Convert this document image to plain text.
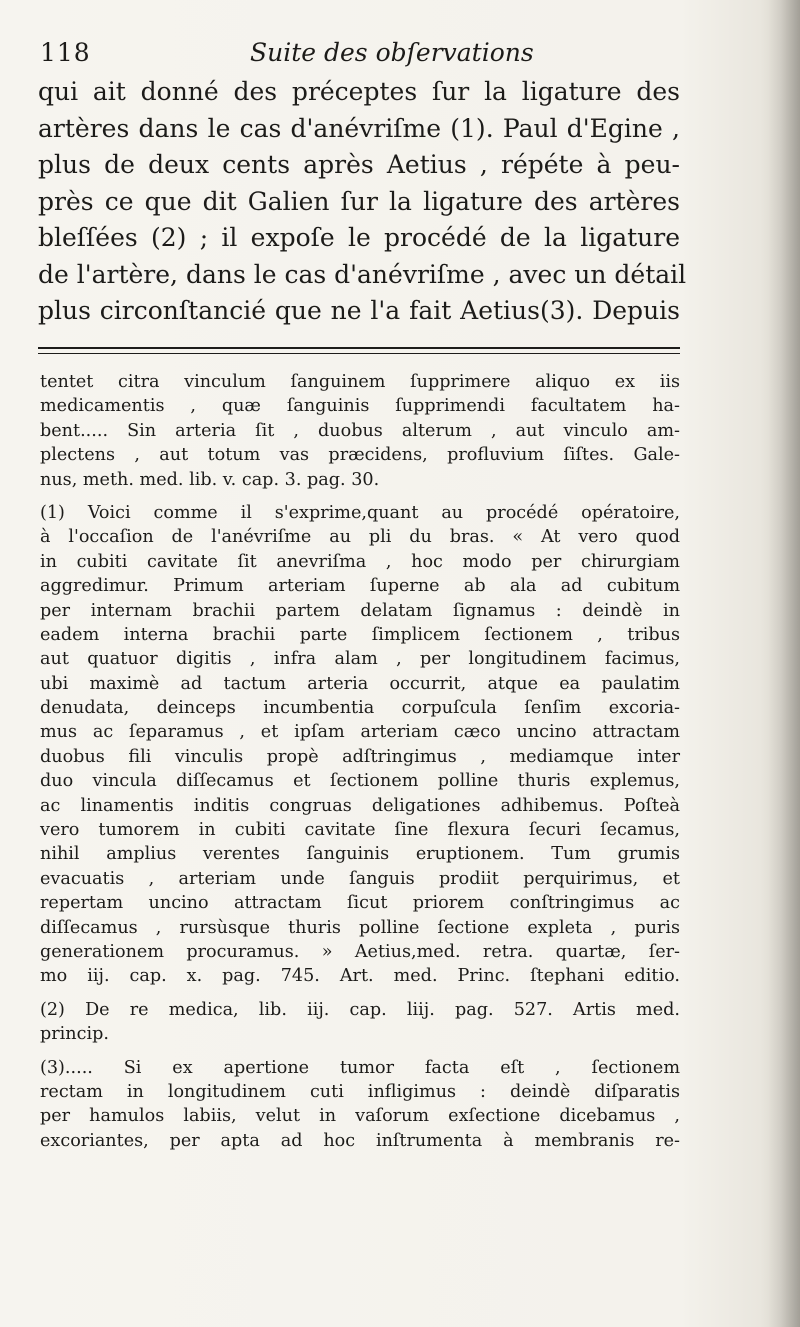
118	Suite des obſervations
qui ait donné des préceptes ſur la ligature des
artères dans le cas d'anévriſme (1). Paul d'Egine ,
plus de deux cents après Aetius , répéte à peu-
près ce que dit Galien ſur la ligature des artères
bleſſées (2) ; il expoſe le procédé de la ligature
de l'artère, dans le cas d'anévriſme , avec un détail
plus circonſtancié que ne l'a fait Aetius(3). Depuis
tentet citra vinculum ſanguinem ſupprimere aliquo ex iis
medicamentis , quæ ſanguinis ſupprimendi facultatem ha-
bent..... Sin arteria ſit , duobus alterum , aut vinculo am-
plectens , aut totum vas præcidens, profluvium ſiſtes. Gale-
nus, meth. med. lib. v. cap. 3. pag. 30.
(1) Voici comme il s'exprime,quant au procédé opératoire,
à l'occaſion de l'anévriſme au pli du bras. « At vero quod
in cubiti cavitate ſit anevriſma , hoc modo per chirurgiam
aggredimur. Primum arteriam ſuperne ab ala ad cubitum
per internam brachii partem delatam ſignamus : deindè in
eadem interna brachii parte ſimplicem ſectionem , tribus
aut quatuor digitis , infra alam , per longitudinem facimus,
ubi maximè ad tactum arteria occurrit, atque ea paulatim
denudata, deinceps incumbentia corpuſcula ſenſim excoria-
mus ac ſeparamus , et ipſam arteriam cæco uncino attractam
duobus fili vinculis propè adſtringimus , mediamque inter
duo vincula diſſecamus et ſectionem polline thuris explemus,
ac linamentis inditis congruas deligationes adhibemus. Poſteà
vero tumorem in cubiti cavitate ſine flexura ſecuri ſecamus,
nihil amplius verentes ſanguinis eruptionem. Tum grumis
evacuatis , arteriam unde ſanguis prodiit perquirimus, et
repertam uncino attractam ſicut priorem conſtringimus ac
diſſecamus , rursùsque thuris polline ſectione expleta , puris
generationem procuramus. » Aetius,med. retra. quartæ, ſer-
mo iij. cap. x. pag. 745. Art. med. Princ. ſtephani editio.
(2) De re medica, lib. iij. cap. liij. pag. 527. Artis med.
princip.
(3)..... Si ex apertione tumor facta eſt , ſectionem
rectam in longitudinem cuti infligimus : deindè diſparatis
per hamulos labiis, velut in vaſorum exſectione dicebamus ,
excoriantes, per apta ad hoc inſtrumenta à membranis re-
